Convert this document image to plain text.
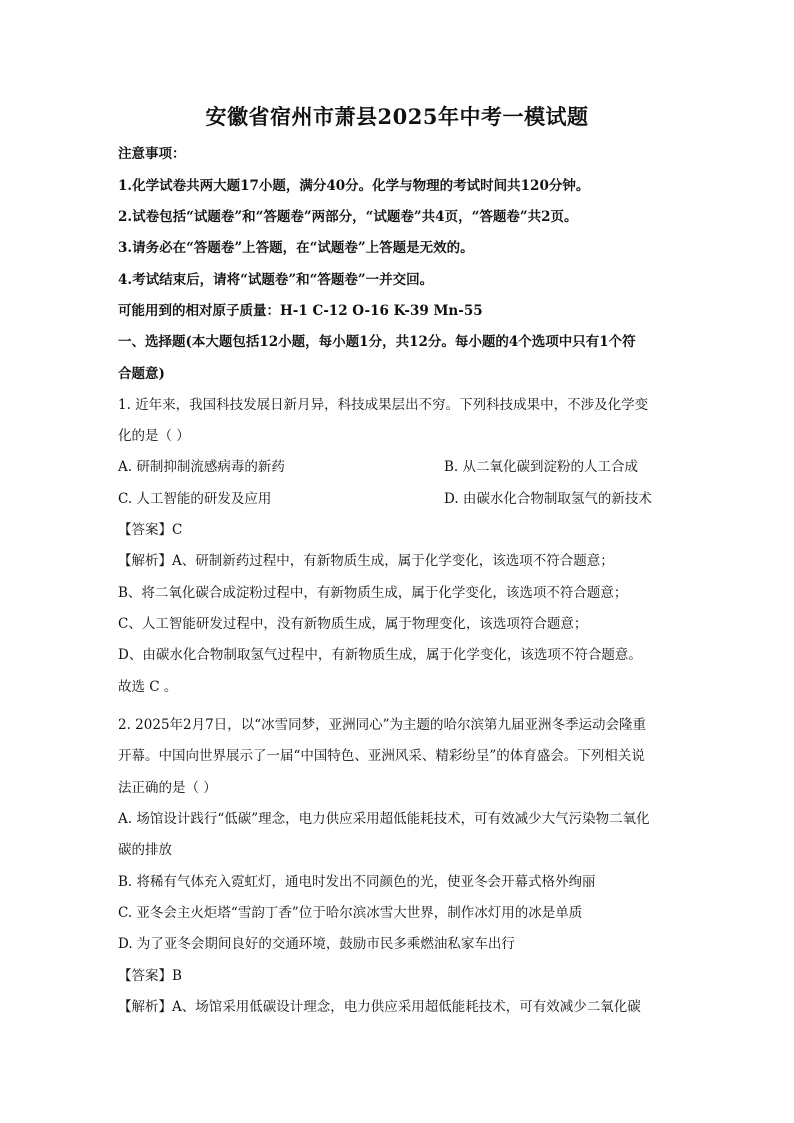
安徽省宿州市萧县2025年中考一模试题
注意事项：
1.化学试卷共两大题17小题，满分40分。化学与物理的考试时间共120分钟。
2.试卷包括“试题卷”和“答题卷”两部分，“试题卷”共4页，“答题卷”共2页。
3.请务必在“答题卷”上答题，在“试题卷”上答题是无效的。
4.考试结束后，请将“试题卷”和“答题卷”一并交回。
可能用到的相对原子质量：H-1 C-12 O-16 K-39 Mn-55
一、选择题(本大题包括12小题，每小题1分，共12分。每小题的4个选项中只有1个符
合题意)
1. 近年来，我国科技发展日新月异，科技成果层出不穷。下列科技成果中，不涉及化学变
化的是（ ）
A. 研制抑制流感病毒的新药	B. 从二氧化碳到淀粉的人工合成
C. 人工智能的研发及应用	D. 由碳水化合物制取氢气的新技术
【答案】C
【解析】A、研制新药过程中，有新物质生成，属于化学变化，该选项不符合题意；
B、将二氧化碳合成淀粉过程中，有新物质生成，属于化学变化，该选项不符合题意；
C、人工智能研发过程中，没有新物质生成，属于物理变化，该选项符合题意；
D、由碳水化合物制取氢气过程中，有新物质生成，属于化学变化，该选项不符合题意。
故选 C 。
2. 2025年2月7日，以“冰雪同梦，亚洲同心”为主题的哈尔滨第九届亚洲冬季运动会隆重
开幕。中国向世界展示了一届“中国特色、亚洲风采、精彩纷呈”的体育盛会。下列相关说
法正确的是（ ）
A. 场馆设计践行“低碳”理念，电力供应采用超低能耗技术，可有效减少大气污染物二氧化
碳的排放
B. 将稀有气体充入霓虹灯，通电时发出不同颜色的光，使亚冬会开幕式格外绚丽
C. 亚冬会主火炬塔“雪韵丁香”位于哈尔滨冰雪大世界，制作冰灯用的冰是单质
D. 为了亚冬会期间良好的交通环境，鼓励市民多乘燃油私家车出行
【答案】B
【解析】A、场馆采用低碳设计理念，电力供应采用超低能耗技术，可有效减少二氧化碳
